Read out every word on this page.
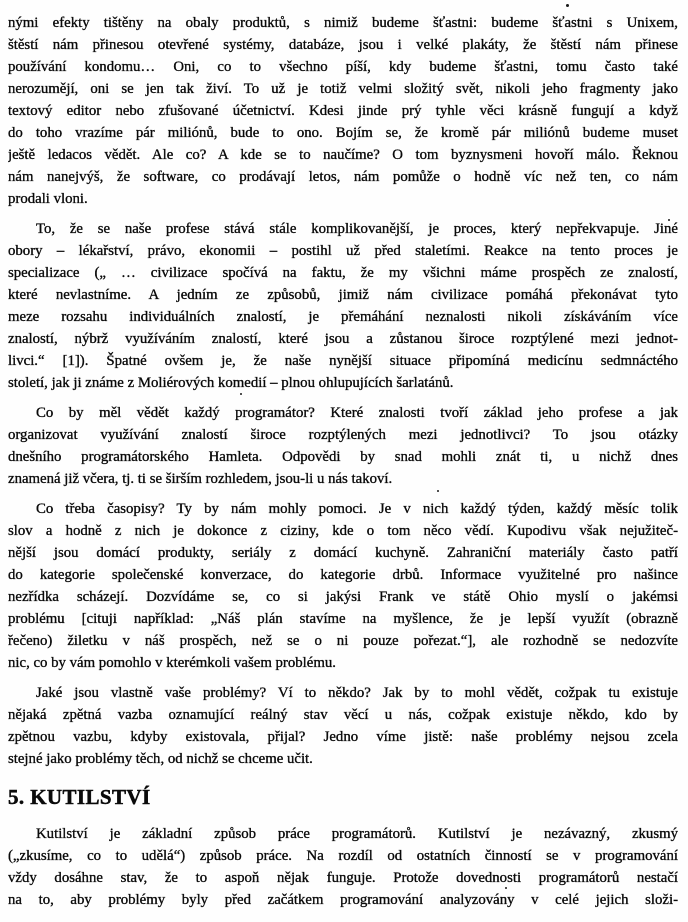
nými efekty tištěny na obaly produktů, s nimiž budeme šťastni: budeme šťastni s Unixem,
štěstí nám přinesou otevřené systémy, databáze, jsou i velké plakáty, že štěstí nám přinese
používání kondomu… Oni, co to všechno píší, kdy budeme šťastni, tomu často také
nerozumějí, oni se jen tak živí. To už je totiž velmi složitý svět, nikoli jeho fragmenty jako
textový editor nebo zfušované účetnictví. Kdesi jinde prý tyhle věci krásně fungují a když
do toho vrazíme pár miliónů, bude to ono. Bojím se, že kromě pár miliónů budeme muset
ještě ledacos vědět. Ale co? A kde se to naučíme? O tom byznysmeni hovoří málo. Řeknou
nám nanejvýš, že software, co prodávají letos, nám pomůže o hodně víc než ten, co nám
prodali vloni.

To, že se naše profese stává stále komplikovanější, je proces, který nepřekvapuje. Jiné
obory – lékařství, právo, ekonomii – postihl už před staletími. Reakce na tento proces je
specializace („ … civilizace spočívá na faktu, že my všichni máme prospěch ze znalostí,
které nevlastníme. A jedním ze způsobů, jimiž nám civilizace pomáhá překonávat tyto
meze rozsahu individuálních znalostí, je přemáhání neznalosti nikoli získáváním více
znalostí, nýbrž využíváním znalostí, které jsou a zůstanou široce rozptýlené mezi jednot-
livci.“ [1]). Špatné ovšem je, že naše nynější situace připomíná medicínu sedmnáctého
století, jak ji známe z Moliérových komedií – plnou ohlupujících šarlatánů.

Co by měl vědět každý programátor? Které znalosti tvoří základ jeho profese a jak
organizovat využívání znalostí široce rozptýlených mezi jednotlivci? To jsou otázky
dnešního programátorského Hamleta. Odpovědi by snad mohli znát ti, u nichž dnes
znamená již včera, tj. ti se širším rozhledem, jsou-li u nás takoví.

Co třeba časopisy? Ty by nám mohly pomoci. Je v nich každý týden, každý měsíc tolik
slov a hodně z nich je dokonce z ciziny, kde o tom něco vědí. Kupodivu však nejužiteč-
nější jsou domácí produkty, seriály z domácí kuchyně. Zahraniční materiály často patří
do kategorie společenské konverzace, do kategorie drbů. Informace využitelné pro našince
nezřídka scházejí. Dozvídáme se, co si jakýsi Frank ve státě Ohio myslí o jakémsi
problému [cituji například: „Náš plán stavíme na myšlence, že je lepší využít (obrazně
řečeno) žiletku v náš prospěch, než se o ni pouze pořezat.“], ale rozhodně se nedozvíte
nic, co by vám pomohlo v kterémkoli vašem problému.

Jaké jsou vlastně vaše problémy? Ví to někdo? Jak by to mohl vědět, cožpak tu existuje
nějaká zpětná vazba oznamující reálný stav věcí u nás, cožpak existuje někdo, kdo by
zpětnou vazbu, kdyby existovala, přijal? Jedno víme jistě: naše problémy nejsou zcela
stejné jako problémy těch, od nichž se chceme učit.

5. KUTILSTVÍ

Kutilství je základní způsob práce programátorů. Kutilství je nezávazný, zkusmý
(„zkusíme, co to udělá“) způsob práce. Na rozdíl od ostatních činností se v programování
vždy dosáhne stav, že to aspoň nějak funguje. Protože dovednosti programátorů nestačí
na to, aby problémy byly před začátkem programování analyzovány v celé jejich složi-
